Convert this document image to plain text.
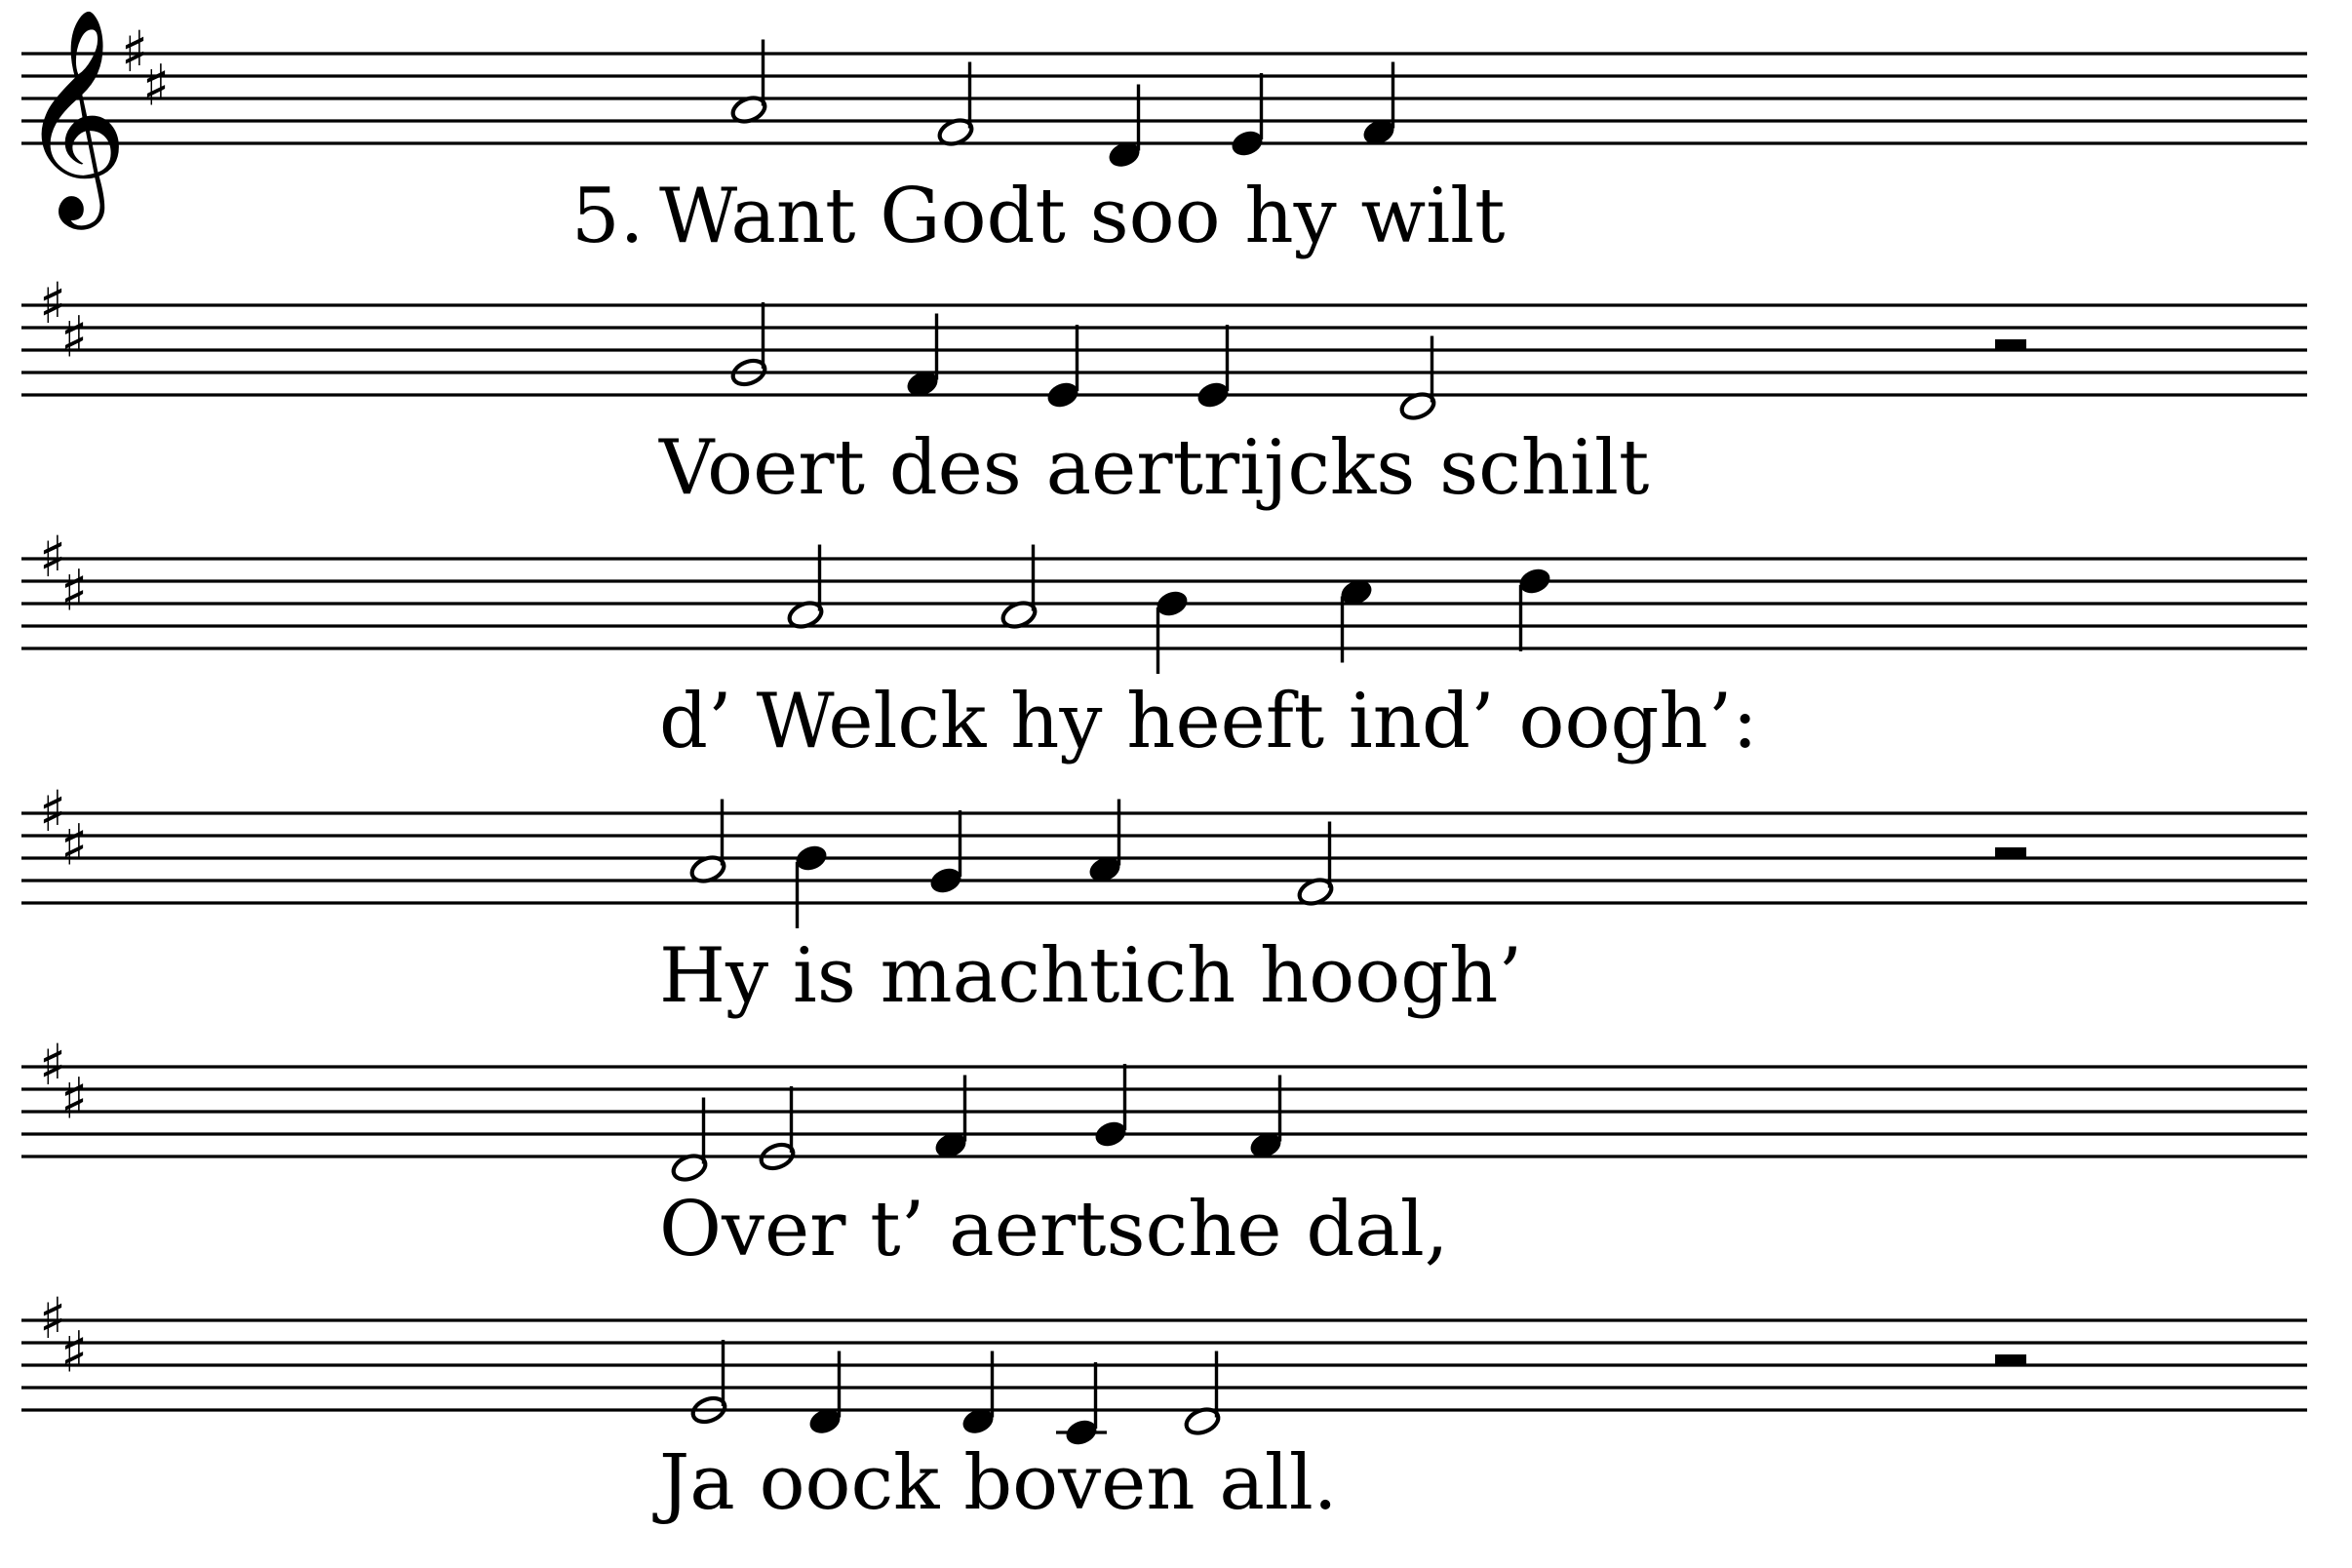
𝄞
♯
♯
5. Want Godt soo hy wilt
♯
♯
Voert des aertrijcks schilt
♯
♯
d’ Welck hy heeft ind’ oogh’:
♯
♯
Hy is machtich hoogh’
♯
♯
Over t’ aertsche dal,
♯
♯
Ja oock boven all.
